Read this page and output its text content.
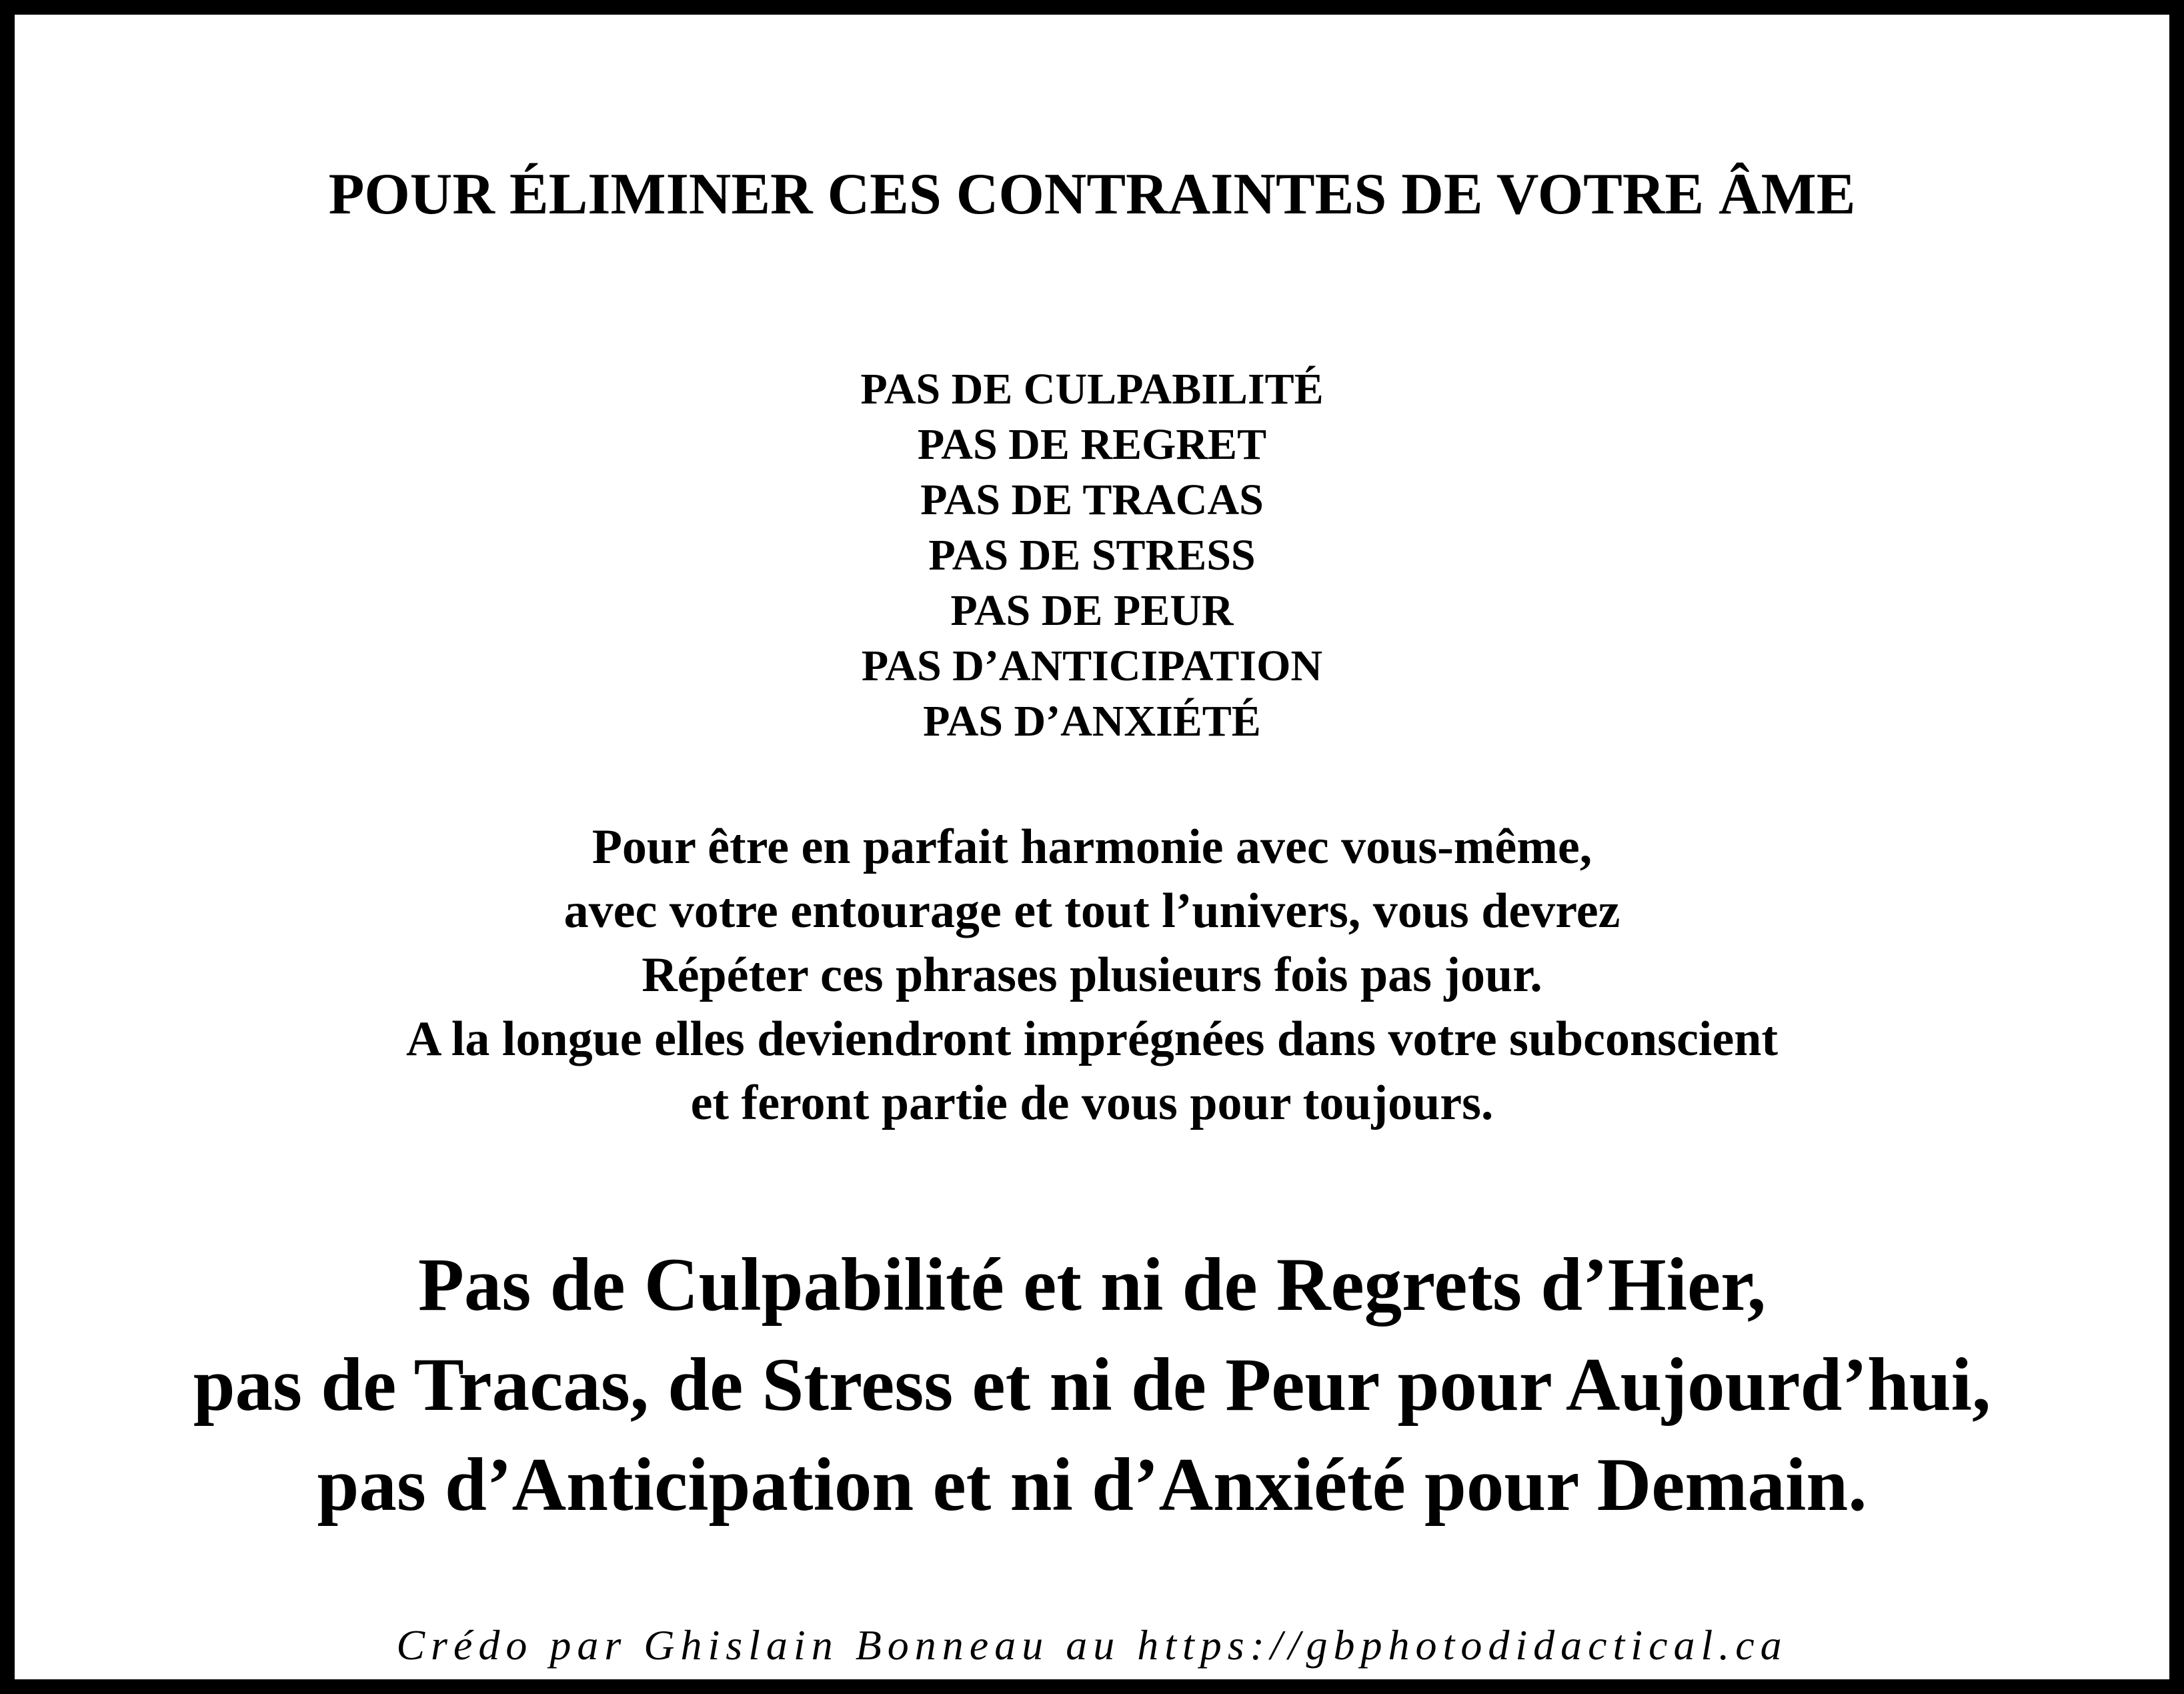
POUR ÉLIMINER CES CONTRAINTES DE VOTRE ÂME
PAS DE CULPABILITÉ
PAS DE REGRET
PAS DE TRACAS
PAS DE STRESS
PAS DE PEUR
PAS D’ANTICIPATION
PAS D’ANXIÉTÉ
Pour être en parfait harmonie avec vous-même,
avec votre entourage et tout l’univers, vous devrez
Répéter ces phrases plusieurs fois pas jour.
A la longue elles deviendront imprégnées dans votre subconscient
et feront partie de vous pour toujours.
Pas de Culpabilité et ni de Regrets d’Hier,
pas de Tracas, de Stress et ni de Peur pour Aujourd’hui,
pas d’Anticipation et ni d’Anxiété pour Demain.

Crédo par Ghislain Bonneau au https://gbphotodidactical.ca
